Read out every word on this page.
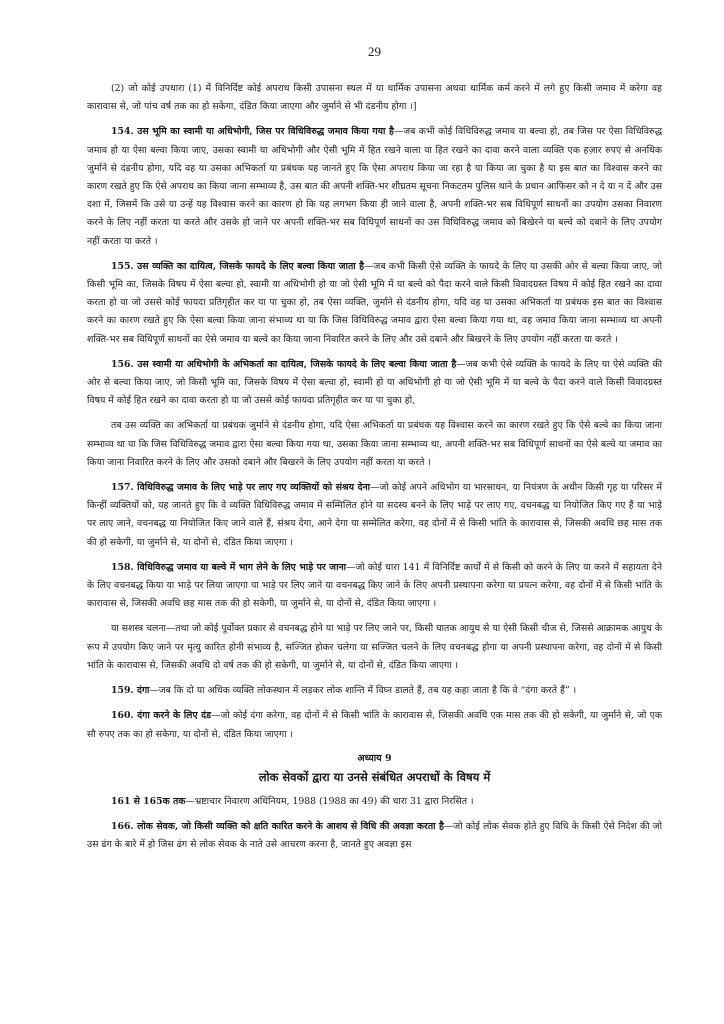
29

(2) जो कोई उपधारा (1) में विनिर्दिष्ट कोई अपराध किसी उपासना स्थल में या धार्मिक उपासना अथवा धार्मिक कर्म करने में लगे हुए किसी जमाव में करेगा वह कारावास से, जो पांच वर्ष तक का हो सकेगा, दंडित किया जाएगा और जुर्माने से भी दंडनीय होगा ।]

154. उस भूमि का स्वामी या अधिभोगी, जिस पर विधिविरुद्ध जमाव किया गया है—जब कभी कोई विधिविरुद्ध जमाव या बल्वा हो, तब जिस पर ऐसा विधिविरुद्ध जमाव हो या ऐसा बल्वा किया जाए, उसका स्वामी या अधिभोगी और ऐसी भूमि में हित रखने वाला या हित रखने का दावा करने वाला व्यक्ति एक हज़ार रुपए से अनधिक जुर्माने से दंडनीय होगा, यदि वह या उसका अभिकर्ता या प्रबंधक यह जानते हुए कि ऐसा अपराध किया जा रहा है या किया जा चुका है या इस बात का विश्वास करने का कारण रखते हुए कि ऐसे अपराध का किया जाना सम्भाव्य है, उस बात की अपनी शक्ति-भर शीघ्रतम सूचना निकटतम पुलिस थाने के प्रधान आफिसर को न दे या न दें और उस दशा में, जिसमें कि उसे या उन्हें यह विश्वास करने का कारण हो कि यह लगभग किया ही जाने वाला है, अपनी शक्ति-भर सब विधिपूर्ण साधनों का उपयोग उसका निवारण करने के लिए नहीं करता या करते और उसके हो जाने पर अपनी शक्ति-भर सब विधिपूर्ण साधनों का उस विधिविरुद्ध जमाव को बिखेरने या बल्वे को दबाने के लिए उपयोग नहीं करता या करते ।

155. उस व्यक्ति का दायित्व, जिसके फायदे के लिए बल्वा किया जाता है—जब कभी किसी ऐसे व्यक्ति के फायदे के लिए या उसकी ओर से बल्वा किया जाए, जो किसी भूमि का, जिसके विषय में ऐसा बल्वा हो, स्वामी या अधिभोगी हो या जो ऐसी भूमि में या बल्वे को पैदा करने वाले किसी विवादग्रस्त विषय में कोई हित रखने का दावा करता हो या जो उससे कोई फायदा प्रतिगृहीत कर या पा चुका हो, तब ऐसा व्यक्ति, जुर्माने से दंडनीय होगा, यदि वह या उसका अभिकर्ता या प्रबंधक इस बात का विश्वास करने का कारण रखते हुए कि ऐसा बल्वा किया जाना संभाव्य था या कि जिस विधिविरुद्ध जमाव द्वारा ऐसा बल्वा किया गया था, वह जमाव किया जाना सम्भाव्य था अपनी शक्ति-भर सब विधिपूर्ण साधनों का ऐसे जमाव या बल्वे का किया जाना निवारित करने के लिए और उसे दबाने और बिखरने के लिए उपयोग नहीं करता या करते ।

156. उस स्वामी या अधिभोगी के अभिकर्ता का दायित्व, जिसके फायदे के लिए बल्वा किया जाता है—जब कभी ऐसे व्यक्ति के फायदे के लिए या ऐसे व्यक्ति की ओर से बल्वा किया जाए, जो किसी भूमि का, जिसके विषय में ऐसा बल्वा हो, स्वामी हो या अधिभोगी हो या जो ऐसी भूमि में या बल्वे के पैदा करने वाले किसी विवादग्रस्त विषय में कोई हित रखने का दावा करता हो या जो उससे कोई फायदा प्रतिगृहीत कर या पा चुका हो,

तब उस व्यक्ति का अभिकर्ता या प्रबंधक जुर्माने से दंडनीय होगा, यदि ऐसा अभिकर्ता या प्रबंधक यह विश्वास करने का कारण रखते हुए कि ऐसे बल्वे का किया जाना सम्भाव्य था या कि जिस विधिविरुद्ध जमाव द्वारा ऐसा बल्वा किया गया था, उसका किया जाना सम्भाव्य था, अपनी शक्ति-भर सब विधिपूर्ण साधनों का ऐसे बल्वे या जमाव का किया जाना निवारित करने के लिए और उसको दबाने और बिखरने के लिए उपयोग नहीं करता या करते ।

157. विधिविरुद्ध जमाव के लिए भाड़े पर लाए गए व्यक्तियों को संश्रय देना—जो कोई अपने अधिभोग या भारसाधन, या नियंत्रण के अधीन किसी गृह या परिसर में किन्हीं व्यक्तियों को, यह जानते हुए कि वे व्यक्ति विधिविरुद्ध जमाव में सम्मिलित होने या सदस्य बनने के लिए भाड़े पर लाए गए, वचनबद्ध या नियोजित किए गए हैं या भाड़े पर लाए जाने, वचनबद्ध या नियोजित किए जाने वाले हैं, संश्रय देगा, आने देगा या सम्मेलित करेगा, वह दोनों में से किसी भांति के कारावास से, जिसकी अवधि छह मास तक की हो सकेगी, या जुर्माने से, या दोनों से, दंडित किया जाएगा ।

158. विधिविरुद्ध जमाव या बल्वे में भाग लेने के लिए भाड़े पर जाना—जो कोई धारा 141 में विनिर्दिष्ट कार्यों में से किसी को करने के लिए या करने में सहायता देने के लिए वचनबद्ध किया या भाड़े पर लिया जाएगा या भाड़े पर लिए जाने या वचनबद्ध किए जाने के लिए अपनी प्रस्थापना करेगा या प्रयत्न करेगा, वह दोनों में से किसी भांति के कारावास से, जिसकी अवधि छह मास तक की हो सकेगी, या जुर्माने से, या दोनों से, दंडित किया जाएगा ।

या सशस्त्र चलना—तथा जो कोई पूर्वोक्त प्रकार से वचनबद्ध होने या भाड़े पर लिए जाने पर, किसी घातक आयुध से या ऐसी किसी चीज से, जिससे आक्रामक आयुध के रूप में उपयोग किए जाने पर मृत्यु कारित होनी संभाव्य है, सज्जित होकर चलेगा या सज्जित चलने के लिए वचनबद्ध होगा या अपनी प्रस्थापना करेगा, वह दोनों में से किसी भांति के कारावास से, जिसकी अवधि दो वर्ष तक की हो सकेगी, या जुर्माने से, या दोनों से, दंडित किया जाएगा ।

159. दंगा—जब कि दो या अधिक व्यक्ति लोकस्थान में लड़कर लोक शान्ति में विघ्न डालते हैं, तब यह कहा जाता है कि वे “दंगा करते हैं” ।

160. दंगा करने के लिए दंड—जो कोई दंगा करेगा, वह दोनों में से किसी भांति के कारावास से, जिसकी अवधि एक मास तक की हो सकेगी, या जुर्माने से, जो एक सौ रुपए तक का हो सकेगा, या दोनों से, दंडित किया जाएगा ।

अध्याय 9
लोक सेवकों द्वारा या उनसे संबंधित अपराधों के विषय में

161 से 165क तक—भ्रष्टाचार निवारण अधिनियम, 1988 (1988 का 49) की धारा 31 द्वारा निरसित ।

166. लोक सेवक, जो किसी व्यक्ति को क्षति कारित करने के आशय से विधि की अवज्ञा करता है—जो कोई लोक सेवक होते हुए विधि के किसी ऐसे निदेश की जो उस ढंग के बारे में हो जिस ढंग से लोक सेवक के नाते उसे आचरण करना है, जानते हुए अवज्ञा इस
